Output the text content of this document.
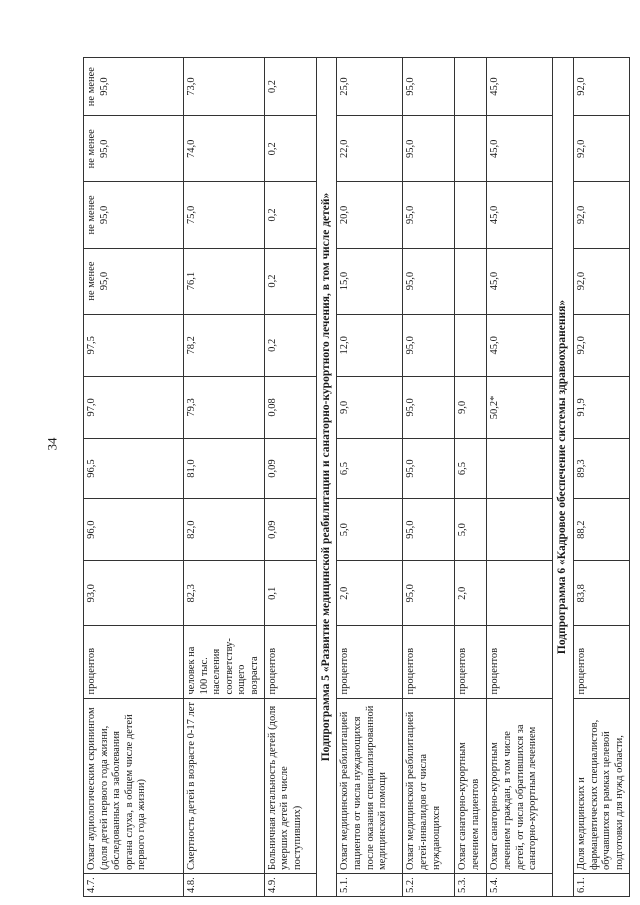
34
4.7.	Охват аудиологическим скринингом (доля детей первого года жизни, обследованных на заболевания органа слуха, в общем числе детей первого года жизни)	процентов	93,0	96,0	96,5	97,0	97,5	не менее 95,0	не менее 95,0	не менее 95,0	не менее 95,0
4.8.	Смертность детей в возрасте 0-17 лет	человек на 100 тыс. населения соответству-ющего возраста	82,3	82,0	81,0	79,3	78,2	76,1	75,0	74,0	73,0
4.9.	Больничная летальность детей (доля умерших детей в числе поступивших)	процентов	0,1	0,09	0,09	0,08	0,2	0,2	0,2	0,2	0,2
Подпрограмма 5 «Развитие медицинской реабилитации и санаторно-курортного лечения, в том числе детей»											
5.1.	Охват медицинской реабилитацией пациентов от числа нуждающихся после оказания специализированной медицинской помощи	процентов	2,0	5,0	6,5	9,0	12,0	15,0	20,0	22,0	25,0
5.2.	Охват медицинской реабилитацией детей-инвалидов от числа нуждающихся	процентов	95,0	95,0	95,0	95,0	95,0	95,0	95,0	95,0	95,0
5.3.	Охват санаторно-курортным лечением пациентов	процентов	2,0	5,0	6,5	9,0					
5.4.	Охват санаторно-курортным лечением граждан, в том числе детей, от числа обратившихся за санаторно-курортным лечением	процентов				50,2*	45,0	45,0	45,0	45,0	45,0
Подпрограмма 6 «Кадровое обеспечение системы здравоохранения»											
6.1.	Доля медицинских и фармацевтических специалистов, обучавшихся в рамках целевой подготовки для нужд области,	процентов	83,8	88,2	89,3	91,9	92,0	92,0	92,0	92,0	92,0
